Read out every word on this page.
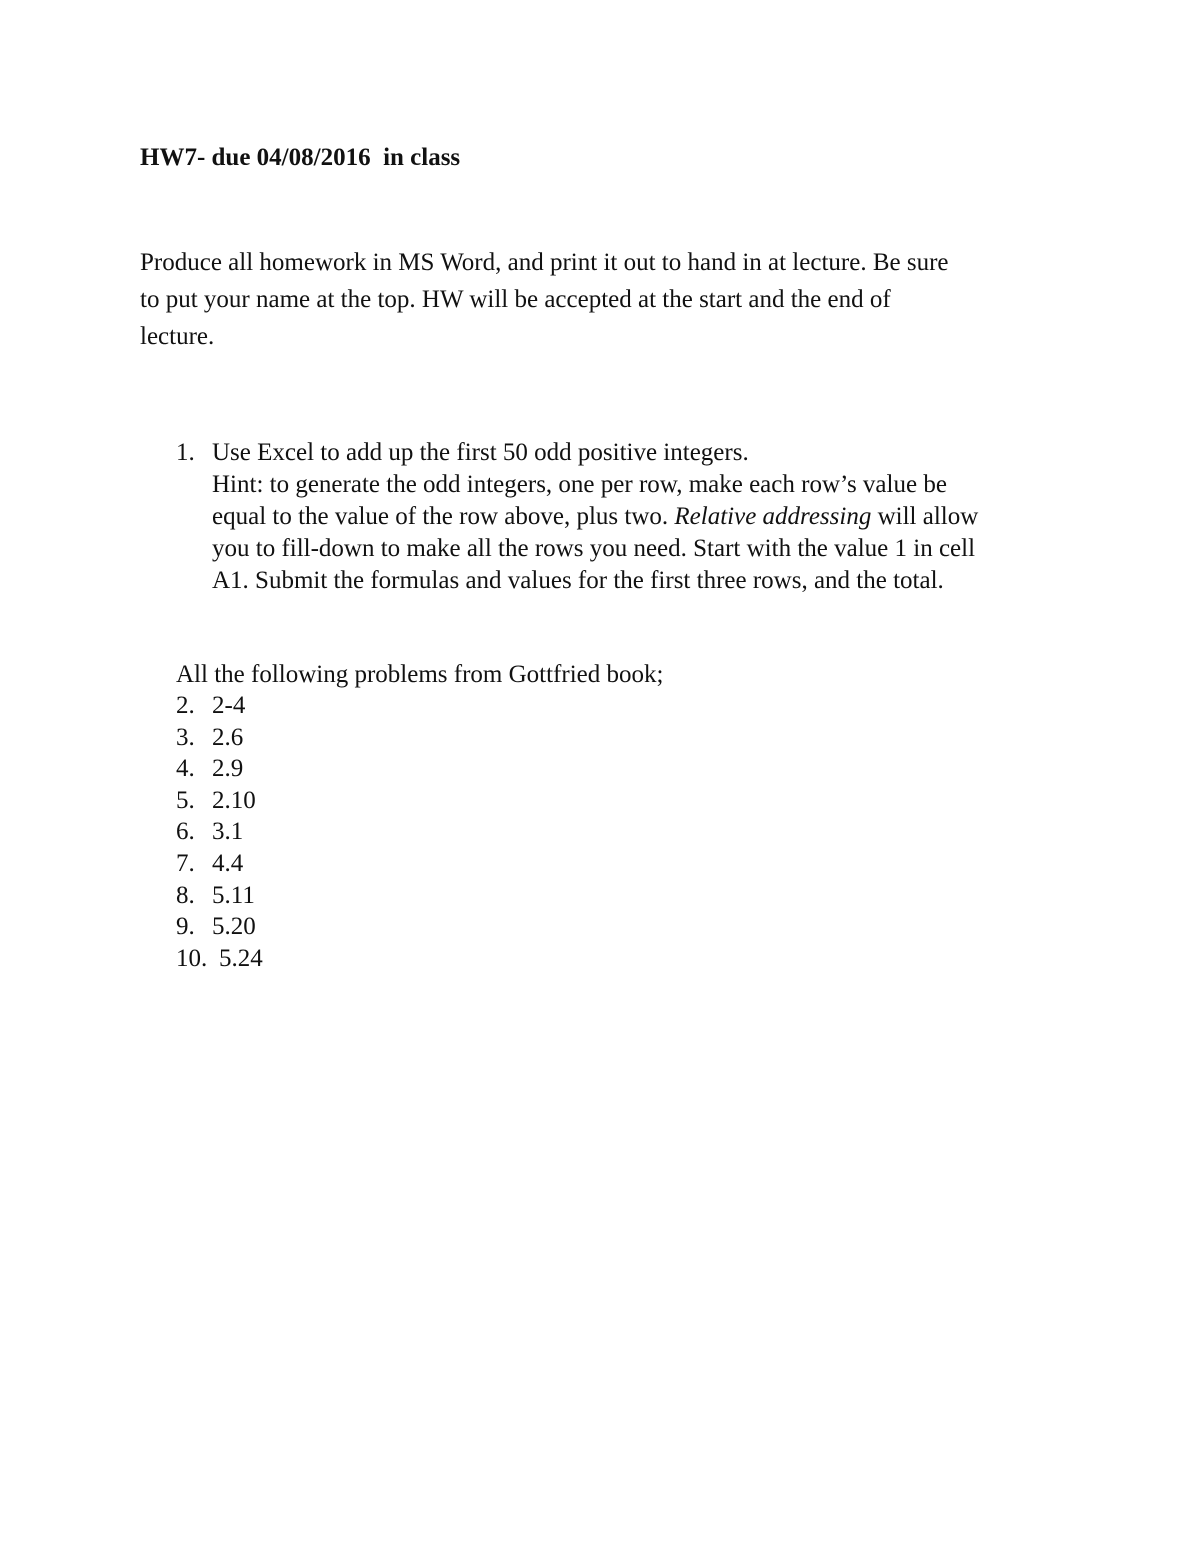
HW7- due 04/08/2016  in class
Produce all homework in MS Word, and print it out to hand in at lecture. Be sure
to put your name at the top. HW will be accepted at the start and the end of
lecture.
1. Use Excel to add up the first 50 odd positive integers.
Hint: to generate the odd integers, one per row, make each row’s value be
equal to the value of the row above, plus two. Relative addressing will allow
you to fill-down to make all the rows you need. Start with the value 1 in cell
A1. Submit the formulas and values for the first three rows, and the total.
All the following problems from Gottfried book;
2. 2-4
3. 2.6
4. 2.9
5. 2.10
6. 3.1
7. 4.4
8. 5.11
9. 5.20
10. 5.24
